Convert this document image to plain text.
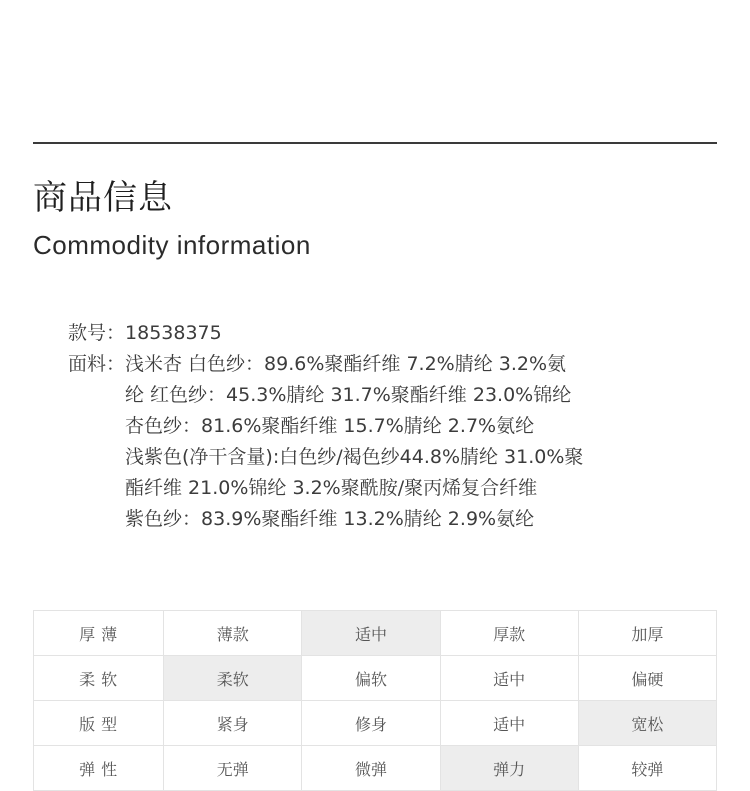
商品信息
Commodity information
款号： 18538375
面料： 浅米杏 白色纱：89.6%聚酯纤维 7.2%腈纶 3.2%氨
纶 红色纱：45.3%腈纶 31.7%聚酯纤维 23.0%锦纶
杏色纱：81.6%聚酯纤维 15.7%腈纶 2.7%氨纶
浅紫色(净干含量):白色纱/褐色纱44.8%腈纶 31.0%聚
酯纤维 21.0%锦纶 3.2%聚酰胺/聚丙烯复合纤维
紫色纱：83.9%聚酯纤维 13.2%腈纶 2.9%氨纶
厚薄	薄款	适中	厚款	加厚
柔软	柔软	偏软	适中	偏硬
版型	紧身	修身	适中	宽松
弹性	无弹	微弹	弹力	较弹
